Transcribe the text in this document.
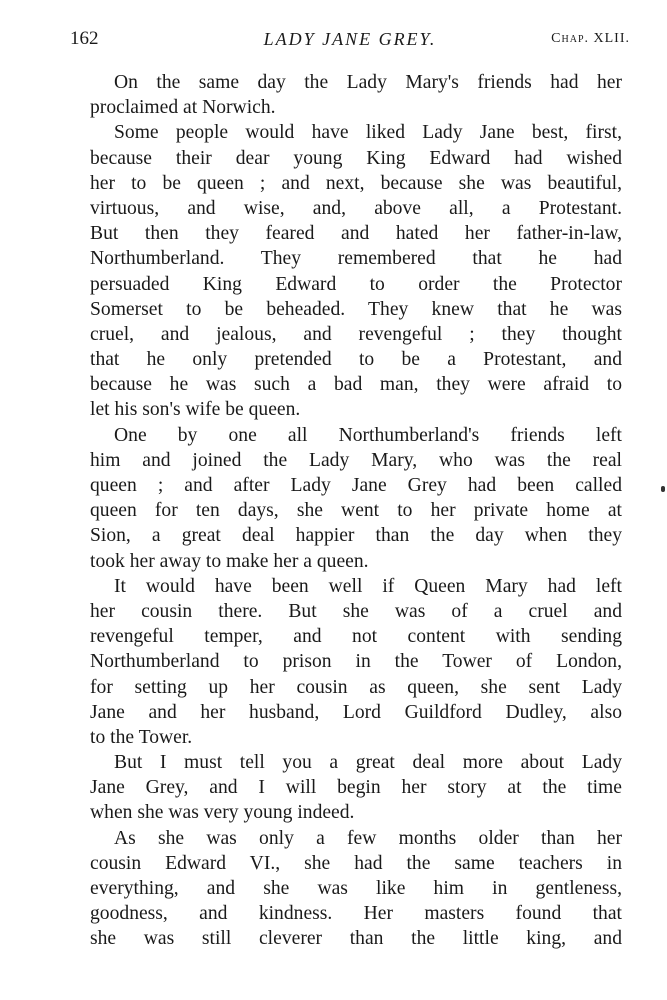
162	LADY JANE GREY.	Chap. XLII.
On the same day the Lady Mary's friends had her
proclaimed at Norwich.
Some people would have liked Lady Jane best, first,
because their dear young King Edward had wished
her to be queen ; and next, because she was beautiful,
virtuous, and wise, and, above all, a Protestant.
But then they feared and hated her father-in-law,
Northumberland. They remembered that he had
persuaded King Edward to order the Protector
Somerset to be beheaded. They knew that he was
cruel, and jealous, and revengeful ; they thought
that he only pretended to be a Protestant, and
because he was such a bad man, they were afraid to
let his son's wife be queen.
One by one all Northumberland's friends left
him and joined the Lady Mary, who was the real
queen ; and after Lady Jane Grey had been called
queen for ten days, she went to her private home at
Sion, a great deal happier than the day when they
took her away to make her a queen.
It would have been well if Queen Mary had left
her cousin there. But she was of a cruel and
revengeful temper, and not content with sending
Northumberland to prison in the Tower of London,
for setting up her cousin as queen, she sent Lady
Jane and her husband, Lord Guildford Dudley, also
to the Tower.
But I must tell you a great deal more about Lady
Jane Grey, and I will begin her story at the time
when she was very young indeed.
As she was only a few months older than her
cousin Edward VI., she had the same teachers in
everything, and she was like him in gentleness,
goodness, and kindness. Her masters found that
she was still cleverer than the little king, and
